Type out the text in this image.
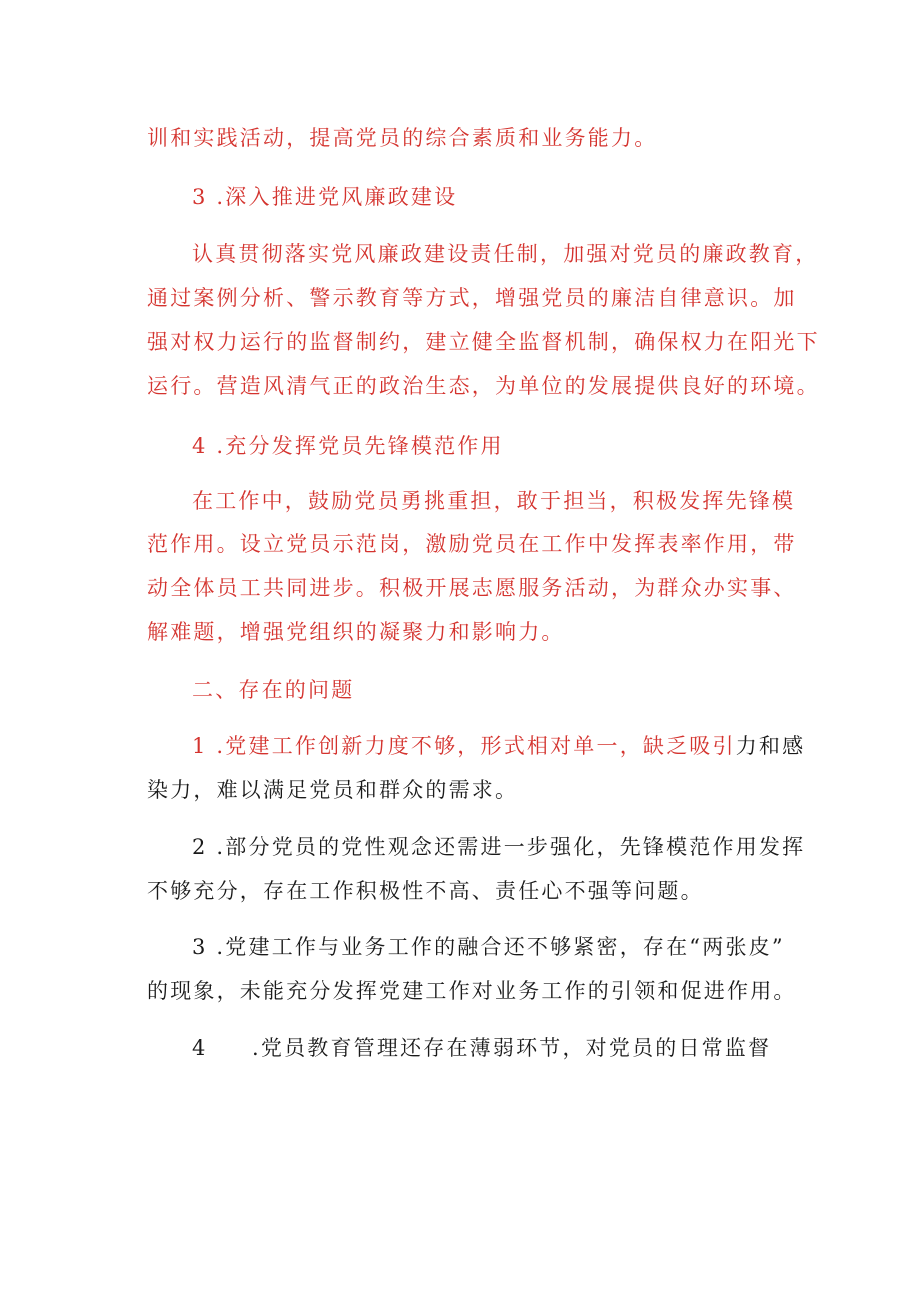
训和实践活动，提高党员的综合素质和业务能力。
3 .深入推进党风廉政建设
认真贯彻落实党风廉政建设责任制，加强对党员的廉政教育，
通过案例分析、警示教育等方式，增强党员的廉洁自律意识。加
强对权力运行的监督制约，建立健全监督机制，确保权力在阳光下
运行。营造风清气正的政治生态，为单位的发展提供良好的环境。
4 .充分发挥党员先锋模范作用
在工作中，鼓励党员勇挑重担，敢于担当，积极发挥先锋模
范作用。设立党员示范岗，激励党员在工作中发挥表率作用，带
动全体员工共同进步。积极开展志愿服务活动，为群众办实事、
解难题，增强党组织的凝聚力和影响力。
二、存在的问题
1 .党建工作创新力度不够，形式相对单一，缺乏吸引力和感
染力，难以满足党员和群众的需求。
2 .部分党员的党性观念还需进一步强化，先锋模范作用发挥
不够充分，存在工作积极性不高、责任心不强等问题。
3 .党建工作与业务工作的融合还不够紧密，存在“两张皮”
的现象，未能充分发挥党建工作对业务工作的引领和促进作用。
4 .党员教育管理还存在薄弱环节，对党员的日常监督
